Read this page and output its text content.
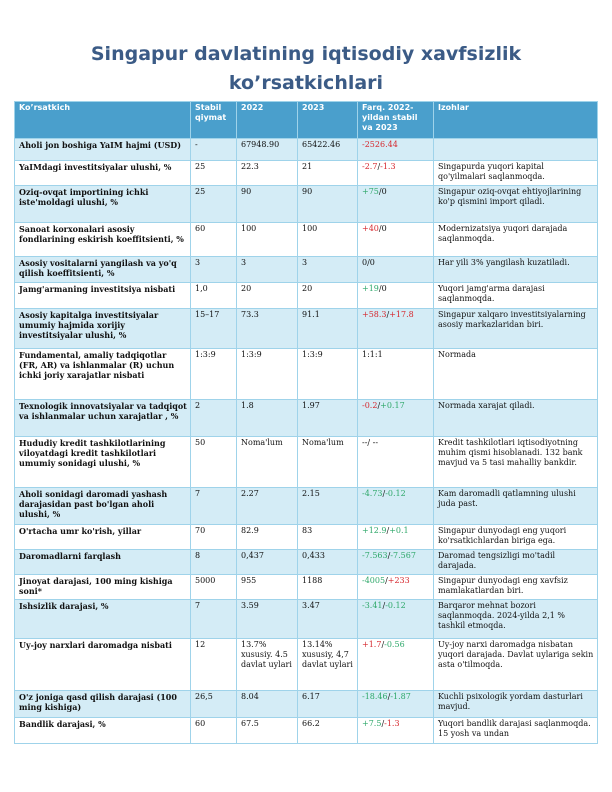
Singapur davlatining iqtisodiy xavfsizlik
ko’rsatkichlari
Ko’rsatkich	Stabil qiymat	2022	2023	Farq. 2022-yildan stabil va 2023	Izohlar
Aholi jon boshiga YaIM hajmi (USD)	-	67948.90	65422.46	-2526.44	
YaIMdagi investitsiyalar ulushi, %	25	22.3	21	-2.7/-1.3	Singapurda yuqori kapital qo'yilmalari saqlanmoqda.
Oziq-ovqat importining ichki iste'moldagi ulushi, %	25	90	90	+75/0	Singapur oziq-ovqat ehtiyojlarining ko'p qismini import qiladi.
Sanoat korxonalari asosiy fondlarining eskirish koeffitsienti, %	60	100	100	+40/0	Modernizatsiya yuqori darajada saqlanmoqda.
Asosiy vositalarni yangilash va yo'q qilish koeffitsienti, %	3	3	3	0/0	Har yili 3% yangilash kuzatiladi.
Jamg'armaning investitsiya nisbati	1,0	20	20	+19/0	Yuqori jamg'arma darajasi saqlanmoqda.
Asosiy kapitalga investitsiyalar umumiy hajmida xorijiy investitsiyalar ulushi, %	15–17	73.3	91.1	+58.3/+17.8	Singapur xalqaro investitsiyalarning asosiy markazlaridan biri.
Fundamental, amaliy tadqiqotlar (FR, AR) va ishlanmalar (R) uchun ichki joriy xarajatlar nisbati	1:3:9	1:3:9	1:3:9	1:1:1	Normada
Texnologik innovatsiyalar va tadqiqot va ishlanmalar uchun xarajatlar , %	2	1.8	1.97	-0.2/+0.17	Normada xarajat qiladi.
Hududiy kredit tashkilotlarining viloyatdagi kredit tashkilotlari umumiy sonidagi ulushi, %	50	Noma'lum	Noma'lum	--/ --	Kredit tashkilotlari iqtisodiyotning muhim qismi hisoblanadi. 132 bank mavjud va 5 tasi mahalliy bankdir.
Aholi sonidagi daromadi yashash darajasidan past bo'lgan aholi ulushi, %	7	2.27	2.15	-4.73/-0.12	Kam daromadli qatlamning ulushi juda past.
O'rtacha umr ko'rish, yillar	70	82.9	83	+12.9/+0.1	Singapur dunyodagi eng yuqori ko'rsatkichlardan biriga ega.
Daromadlarni farqlash	8	0,437	0,433	-7.563/-7.567	Daromad tengsizligi mo'tadil darajada.
Jinoyat darajasi, 100 ming kishiga soni*	5000	955	1188	-4005/+233	Singapur dunyodagi eng xavfsiz mamlakatlardan biri.
Ishsizlik darajasi, %	7	3.59	3.47	-3.41/-0.12	Barqaror mehnat bozori saqlanmoqda. 2024-yilda 2,1 % tashkil etmoqda.
Uy-joy narxlari daromadga nisbati	12	13.7% xususiy. 4.5 davlat uylari	13.14% xususiy, 4,7 davlat uylari	+1.7/-0.56	Uy-joy narxi daromadga nisbatan yuqori darajada. Davlat uylariga sekin asta o'tilmoqda.
O'z joniga qasd qilish darajasi (100 ming kishiga)	26,5	8.04	6.17	-18.46/-1.87	Kuchli psixologik yordam dasturlari mavjud.
Bandlik darajasi, %	60	67.5	66.2	+7.5/-1.3	Yuqori bandlik darajasi saqlanmoqda. 15 yosh va undan
